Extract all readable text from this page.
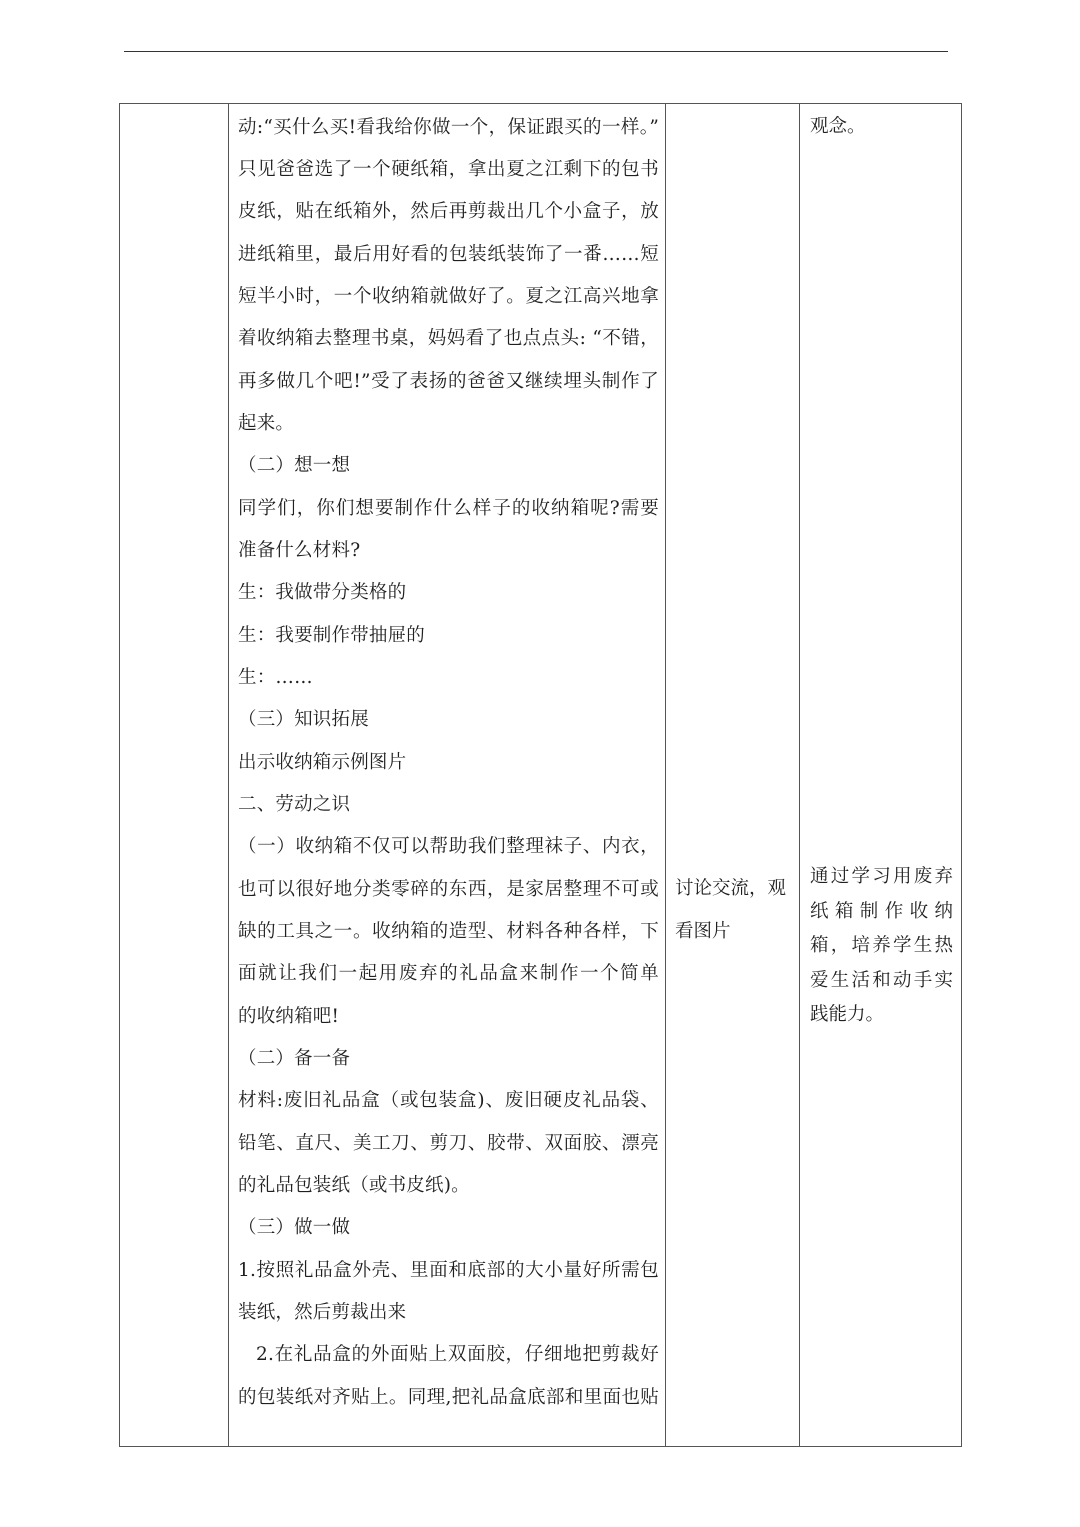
动:“买什么买!看我给你做一个，保证跟买的一样。”
只见爸爸选了一个硬纸箱，拿出夏之江剩下的包书
皮纸，贴在纸箱外，然后再剪裁出几个小盒子，放
进纸箱里，最后用好看的包装纸装饰了一番……短
短半小时，一个收纳箱就做好了。夏之江高兴地拿
着收纳箱去整理书桌，妈妈看了也点点头: “不错，
再多做几个吧!”受了表扬的爸爸又继续埋头制作了
起来。
（二）想一想
同学们，你们想要制作什么样子的收纳箱呢?需要
准备什么材料?
生：我做带分类格的
生：我要制作带抽屉的
生：……
（三）知识拓展
出示收纳箱示例图片
二、劳动之识
（一）收纳箱不仅可以帮助我们整理袜子、内衣，
也可以很好地分类零碎的东西，是家居整理不可或
缺的工具之一。收纳箱的造型、材料各种各样，下
面就让我们一起用废弃的礼品盒来制作一个简单
的收纳箱吧!
（二）备一备
材料:废旧礼品盒（或包装盒)、废旧硬皮礼品袋、
铅笔、直尺、美工刀、剪刀、胶带、双面胶、漂亮
的礼品包装纸（或书皮纸)。
（三）做一做
1.按照礼品盒外壳、里面和底部的大小量好所需包
装纸，然后剪裁出来
2.在礼品盒的外面贴上双面胶，仔细地把剪裁好
的包装纸对齐贴上。同理,把礼品盒底部和里面也贴
讨论交流，观
看图片
观念。
通过学习用废弃
纸箱制作收纳
箱，培养学生热
爱生活和动手实
践能力。
